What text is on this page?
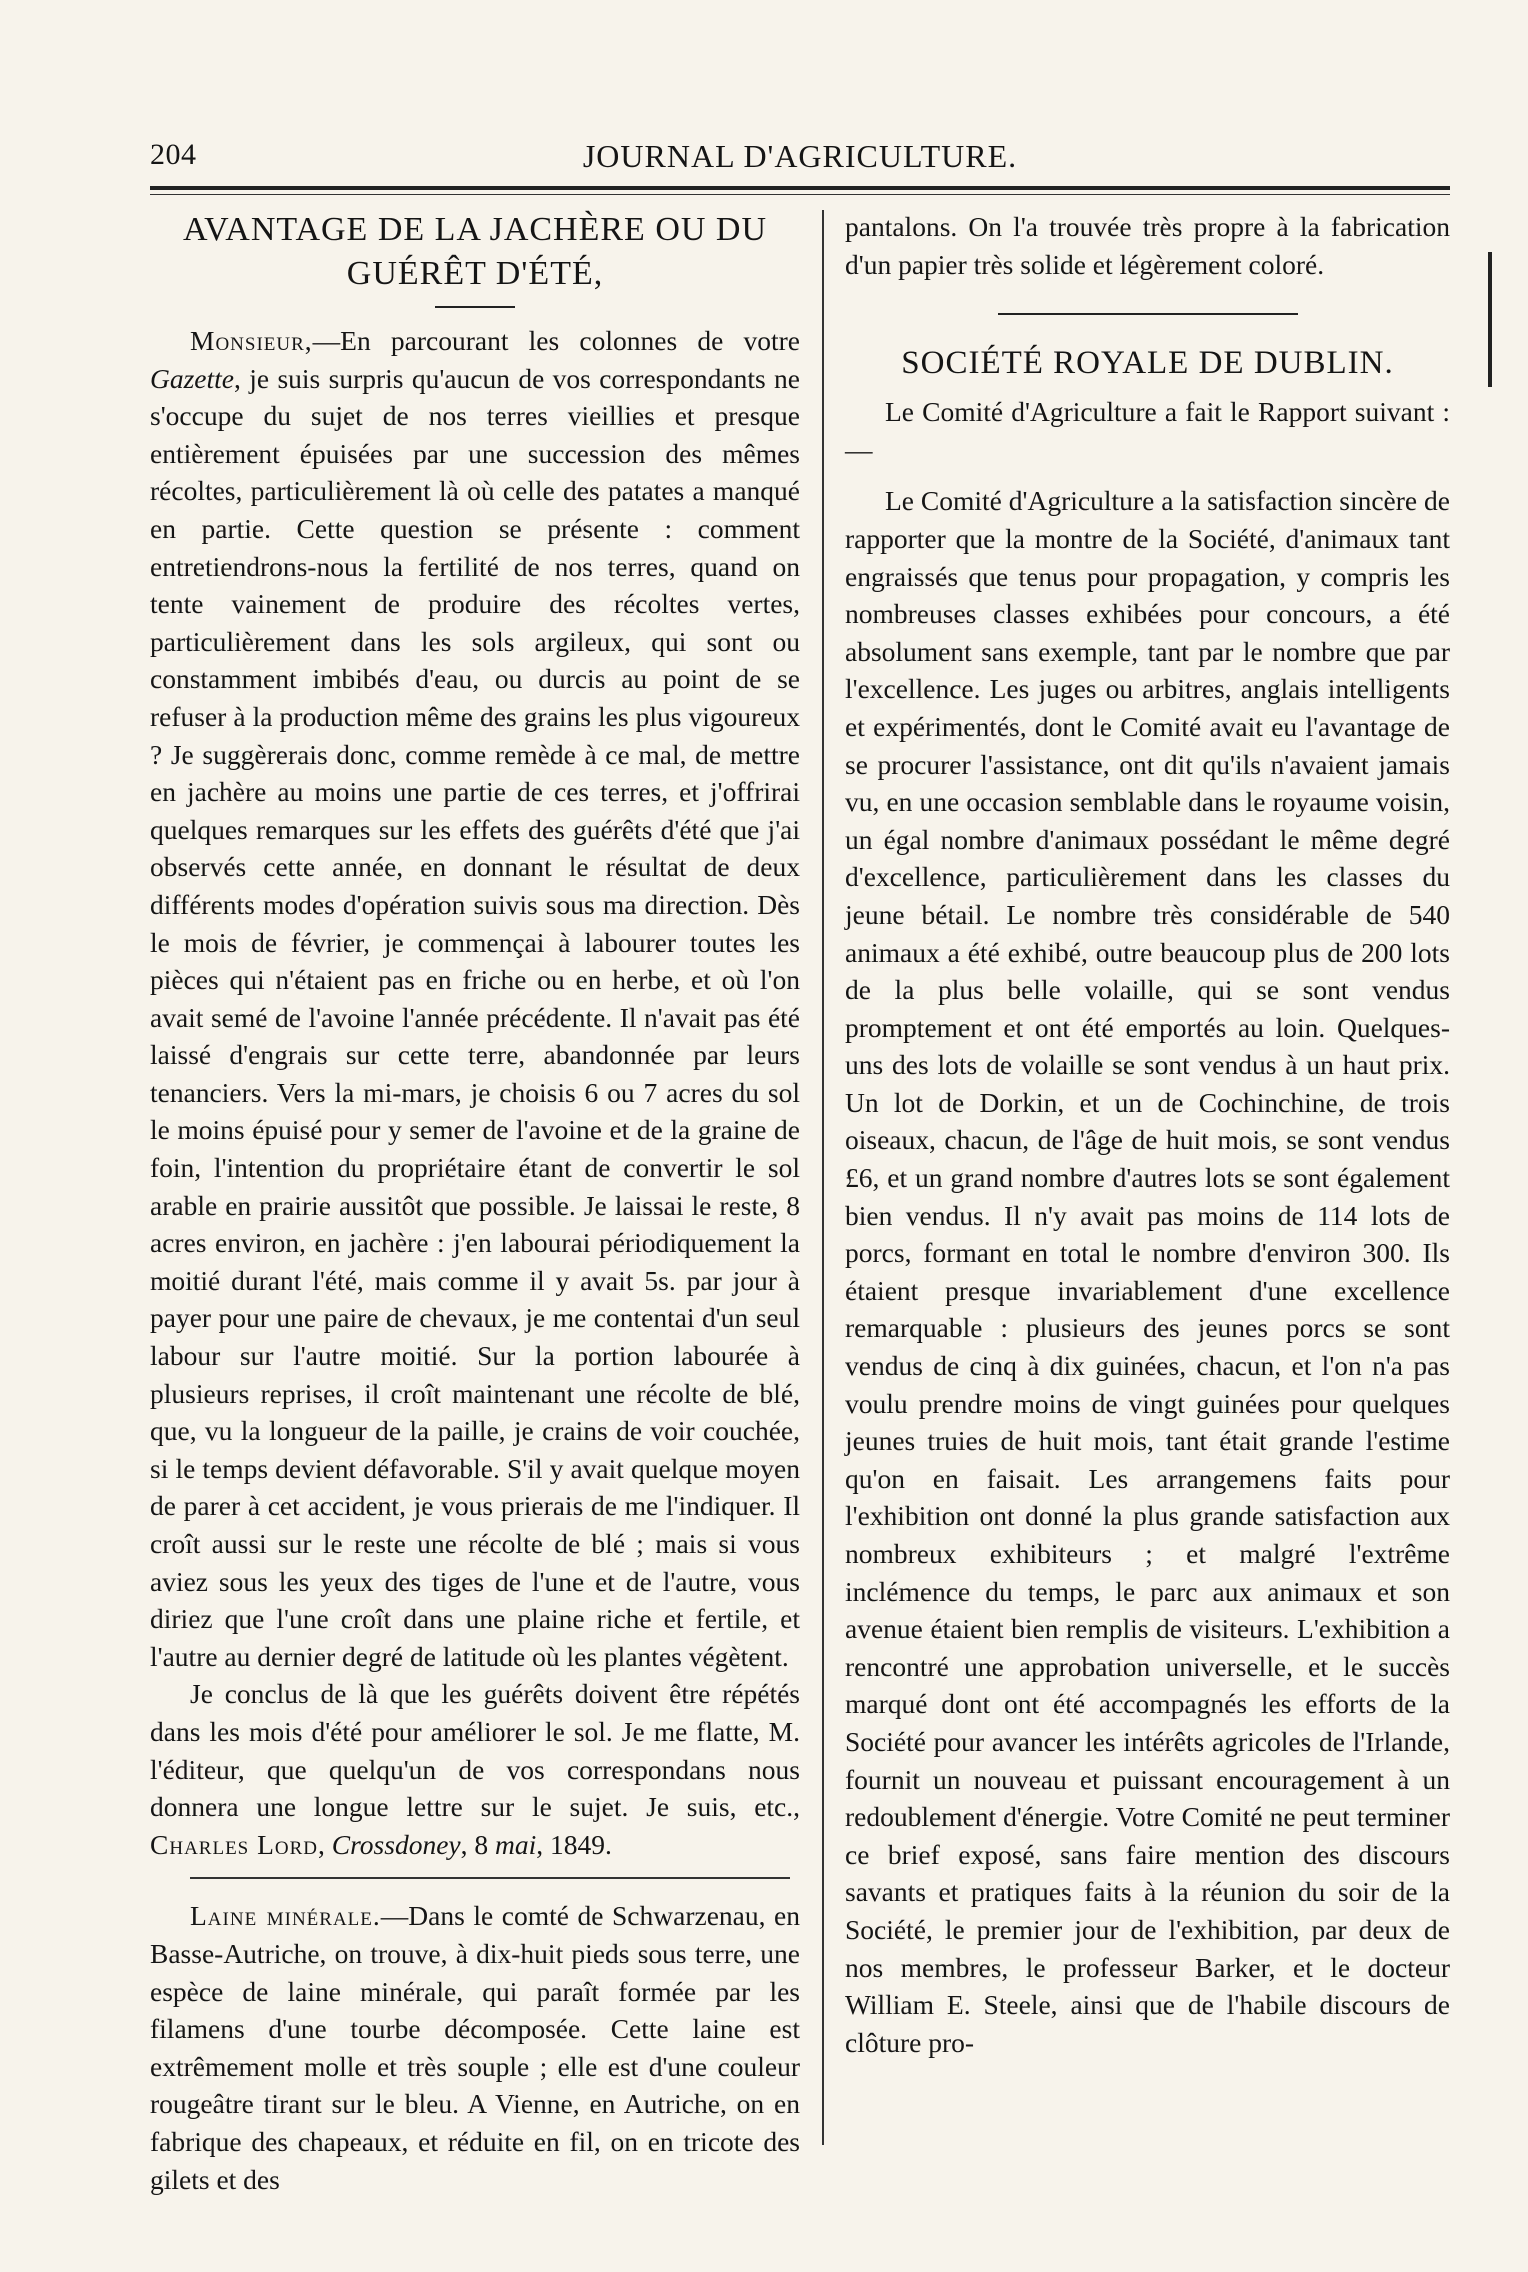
204	JOURNAL D'AGRICULTURE.
AVANTAGE DE LA JACHÈRE OU DU
GUÉRÊT D'ÉTÉ,

Monsieur,—En parcourant les colonnes de votre Gazette, je suis surpris qu'aucun de vos correspondants ne s'occupe du sujet de nos terres vieillies et presque entièrement épuisées par une succession des mêmes récoltes, particulièrement là où celle des patates a manqué en partie. Cette question se présente : comment entretiendrons-nous la fertilité de nos terres, quand on tente vainement de produire des récoltes vertes, particulièrement dans les sols argileux, qui sont ou constamment imbibés d'eau, ou durcis au point de se refuser à la production même des grains les plus vigoureux ? Je suggèrerais donc, comme remède à ce mal, de mettre en jachère au moins une partie de ces terres, et j'offrirai quelques remarques sur les effets des guérêts d'été que j'ai observés cette année, en donnant le résultat de deux différents modes d'opération suivis sous ma direction. Dès le mois de février, je commençai à labourer toutes les pièces qui n'étaient pas en friche ou en herbe, et où l'on avait semé de l'avoine l'année précédente. Il n'avait pas été laissé d'engrais sur cette terre, abandonnée par leurs tenanciers. Vers la mi-mars, je choisis 6 ou 7 acres du sol le moins épuisé pour y semer de l'avoine et de la graine de foin, l'intention du propriétaire étant de convertir le sol arable en prairie aussitôt que possible. Je laissai le reste, 8 acres environ, en jachère : j'en labourai périodiquement la moitié durant l'été, mais comme il y avait 5s. par jour à payer pour une paire de chevaux, je me contentai d'un seul labour sur l'autre moitié. Sur la portion labourée à plusieurs reprises, il croît maintenant une récolte de blé, que, vu la longueur de la paille, je crains de voir couchée, si le temps devient défavorable. S'il y avait quelque moyen de parer à cet accident, je vous prierais de me l'indiquer. Il croît aussi sur le reste une récolte de blé ; mais si vous aviez sous les yeux des tiges de l'une et de l'autre, vous diriez que l'une croît dans une plaine riche et fertile, et l'autre au dernier degré de latitude où les plantes végètent.

Je conclus de là que les guérêts doivent être répétés dans les mois d'été pour améliorer le sol. Je me flatte, M. l'éditeur, que quelqu'un de vos correspondans nous donnera une longue lettre sur le sujet. Je suis, etc., Charles Lord, Crossdoney, 8 mai, 1849.

Laine minérale.—Dans le comté de Schwarzenau, en Basse-Autriche, on trouve, à dix-huit pieds sous terre, une espèce de laine minérale, qui paraît formée par les filamens d'une tourbe décomposée. Cette laine est extrêmement molle et très souple ; elle est d'une couleur rougeâtre tirant sur le bleu. A Vienne, en Autriche, on en fabrique des chapeaux, et réduite en fil, on en tricote des gilets et des

pantalons. On l'a trouvée très propre à la fabrication d'un papier très solide et légèrement coloré.

SOCIÉTÉ ROYALE DE DUBLIN.

Le Comité d'Agriculture a fait le Rapport suivant :—

Le Comité d'Agriculture a la satisfaction sincère de rapporter que la montre de la Société, d'animaux tant engraissés que tenus pour propagation, y compris les nombreuses classes exhibées pour concours, a été absolument sans exemple, tant par le nombre que par l'excellence. Les juges ou arbitres, anglais intelligents et expérimentés, dont le Comité avait eu l'avantage de se procurer l'assistance, ont dit qu'ils n'avaient jamais vu, en une occasion semblable dans le royaume voisin, un égal nombre d'animaux possédant le même degré d'excellence, particulièrement dans les classes du jeune bétail. Le nombre très considérable de 540 animaux a été exhibé, outre beaucoup plus de 200 lots de la plus belle volaille, qui se sont vendus promptement et ont été emportés au loin. Quelques-uns des lots de volaille se sont vendus à un haut prix. Un lot de Dorkin, et un de Cochinchine, de trois oiseaux, chacun, de l'âge de huit mois, se sont vendus £6, et un grand nombre d'autres lots se sont également bien vendus. Il n'y avait pas moins de 114 lots de porcs, formant en total le nombre d'environ 300. Ils étaient presque invariablement d'une excellence remarquable : plusieurs des jeunes porcs se sont vendus de cinq à dix guinées, chacun, et l'on n'a pas voulu prendre moins de vingt guinées pour quelques jeunes truies de huit mois, tant était grande l'estime qu'on en faisait. Les arrangemens faits pour l'exhibition ont donné la plus grande satisfaction aux nombreux exhibiteurs ; et malgré l'extrême inclémence du temps, le parc aux animaux et son avenue étaient bien remplis de visiteurs. L'exhibition a rencontré une approbation universelle, et le succès marqué dont ont été accompagnés les efforts de la Société pour avancer les intérêts agricoles de l'Irlande, fournit un nouveau et puissant encouragement à un redoublement d'énergie. Votre Comité ne peut terminer ce brief exposé, sans faire mention des discours savants et pratiques faits à la réunion du soir de la Société, le premier jour de l'exhibition, par deux de nos membres, le professeur Barker, et le docteur William E. Steele, ainsi que de l'habile discours de clôture pro-
